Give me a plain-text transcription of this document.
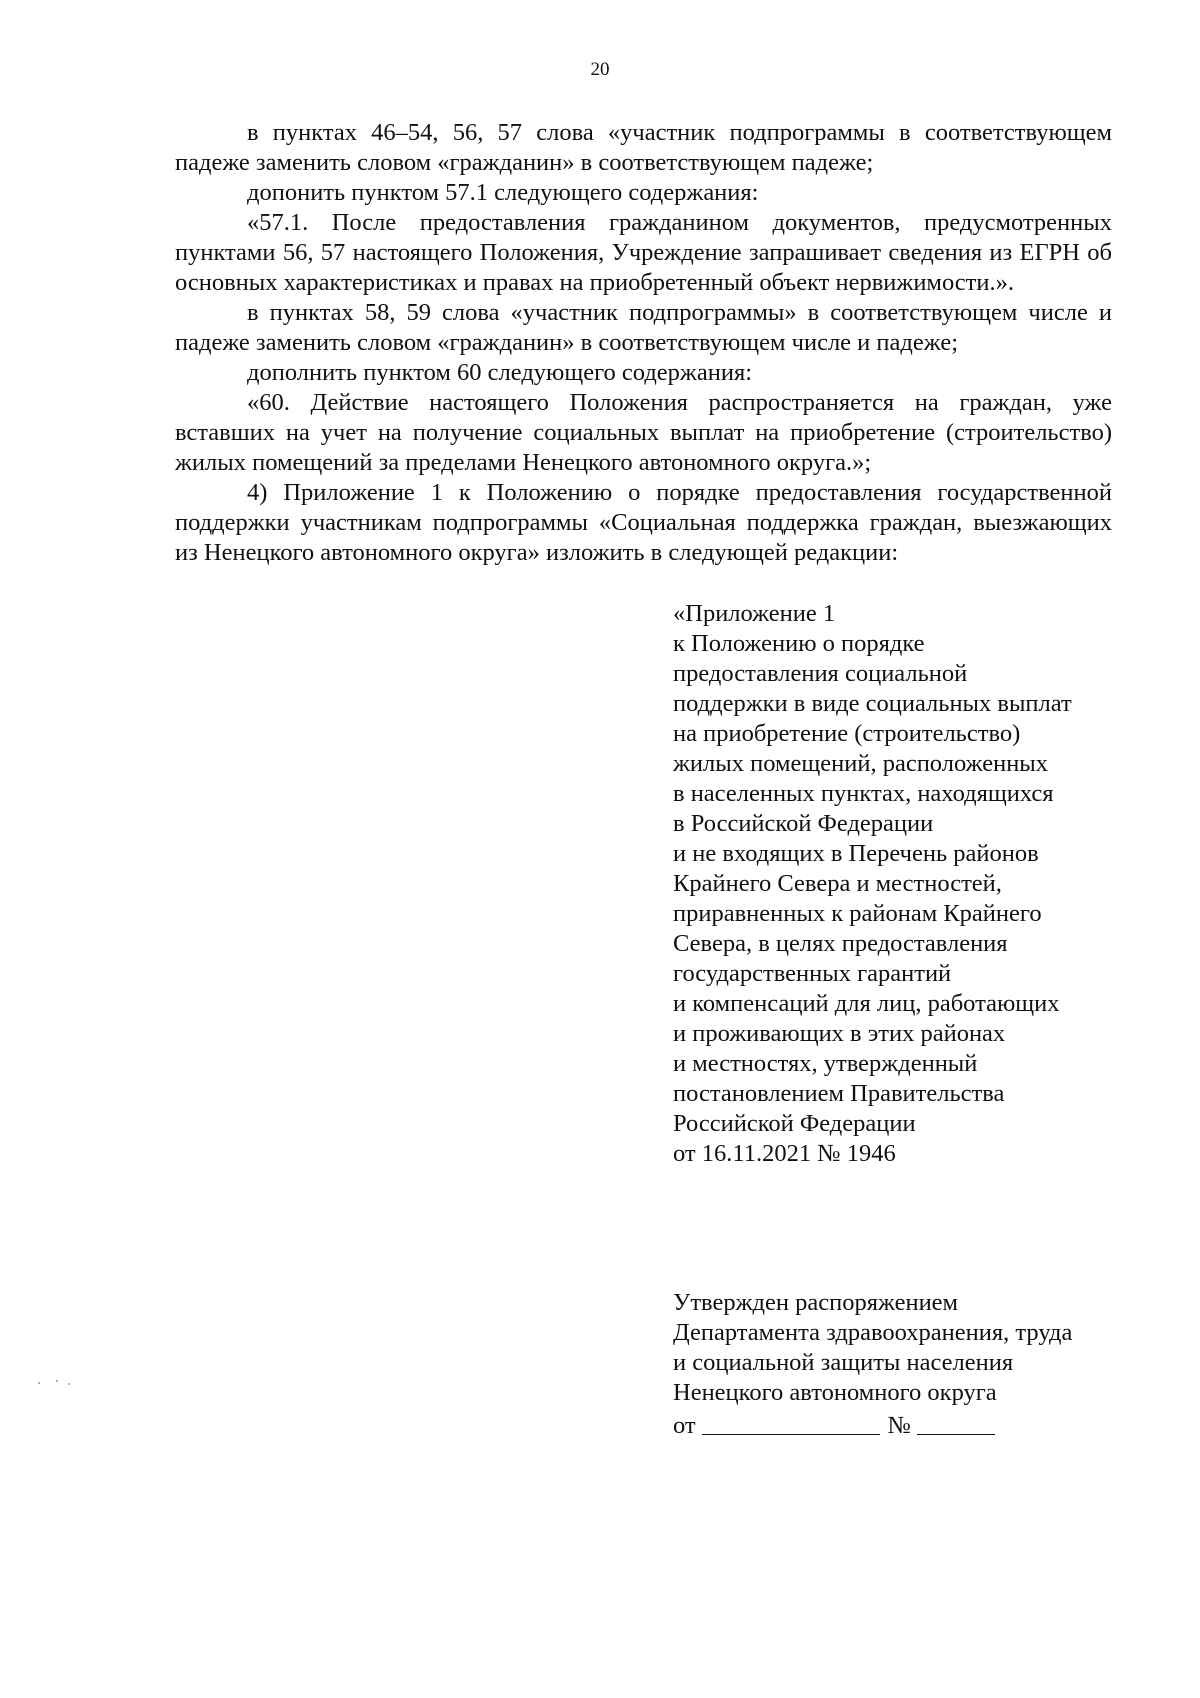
20

в пунктах 46–54, 56, 57 слова «участник подпрограммы в соответствующем падеже заменить словом «гражданин» в соответствующем падеже;

допонить пунктом 57.1 следующего содержания:

«57.1. После предоставления гражданином документов, предусмотренных пунктами 56, 57 настоящего Положения, Учреждение запрашивает сведения из ЕГРН об основных характеристиках и правах на приобретенный объект нервижимости.».

в пунктах 58, 59 слова «участник подпрограммы» в соответствующем числе и падеже заменить словом «гражданин» в соответствующем числе и падеже;

дополнить пунктом 60 следующего содержания:

«60. Действие настоящего Положения распространяется на граждан, уже вставших на учет на получение социальных выплат на приобретение (строительство) жилых помещений за пределами Ненецкого автономного округа.»;

4) Приложение 1 к Положению о порядке предоставления государственной поддержки участникам подпрограммы «Социальная поддержка граждан, выезжающих из Ненецкого автономного округа» изложить в следующей редакции:

«Приложение 1
к Положению о порядке
предоставления социальной
поддержки в виде социальных выплат
на приобретение (строительство)
жилых помещений, расположенных
в населенных пунктах, находящихся
в Российской Федерации
и не входящих в Перечень районов
Крайнего Севера и местностей,
приравненных к районам Крайнего
Севера, в целях предоставления
государственных гарантий
и компенсаций для лиц, работающих
и проживающих в этих районах
и местностях, утвержденный
постановлением Правительства
Российской Федерации
от 16.11.2021 № 1946
Утвержден распоряжением
Департамента здравоохранения, труда
и социальной защиты населения
Ненецкого автономного округа
от	№
